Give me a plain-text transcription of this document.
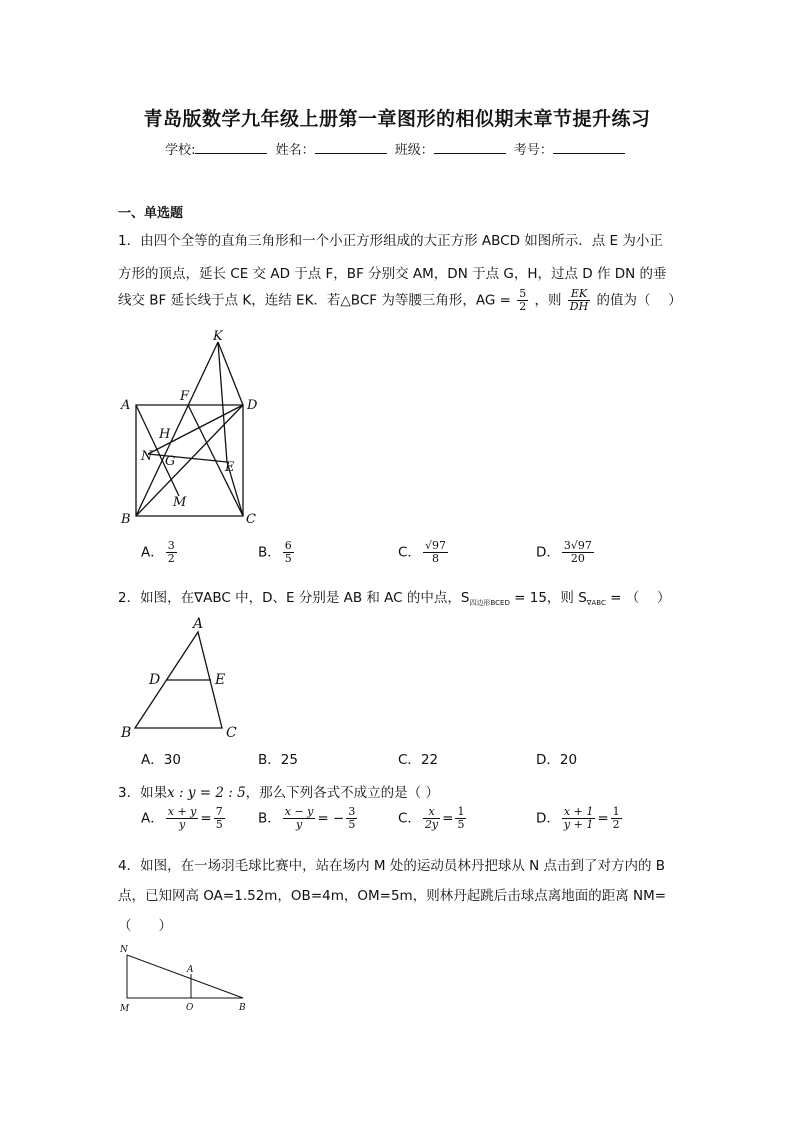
青岛版数学九年级上册第一章图形的相似期末章节提升练习
学校:	姓名：	班级：	考号：
一、单选题
1．由四个全等的直角三角形和一个小正方形组成的大正方形 ABCD 如图所示．点 E 为小正
方形的顶点，延长 CE 交 AD 于点 F，BF 分别交 AM，DN 于点 G，H，过点 D 作 DN 的垂
线交 BF 延长线于点 K，连结 EK．若△BCF 为等腰三角形，AG = $\frac{5}{2}$ ，则 $\frac{EK}{DH}$ 的值为（　 ）
K
A
F
D
H
N G	E
M
B	C
A． $\frac{3}{2}$	B． $\frac{6}{5}$	C． $\frac{√97}{8}$	D． $\frac{3√97}{20}$
2．如图，在∇ABC 中，D、E 分别是 AB 和 AC 的中点，$S_{四边形BCED} = 15$，则 $S_{\nabla ABC}$ = （　 ）
A
D	E
B	C
A．30	B．25	C．22	D．20
3．如果x : y = 2 : 5，那么下列各式不成立的是（ ）
A． $\frac{x + y}{y} = \frac{7}{5}$ B． $\frac{x - y}{y}$ = − $\frac{3}{5}$	C． $\frac{x}{2y} = \frac{1}{5}$	D． $\frac{x + 1}{y + 1} = \frac{1}{2}$
4．如图，在一场羽毛球比赛中，站在场内 M 处的运动员林丹把球从 N 点击到了对方内的 B
点，已知网高 OA=1.52m，OB=4m，OM=5m，则林丹起跳后击球点离地面的距离 NM=
（　　）
N
A
M	O	B
